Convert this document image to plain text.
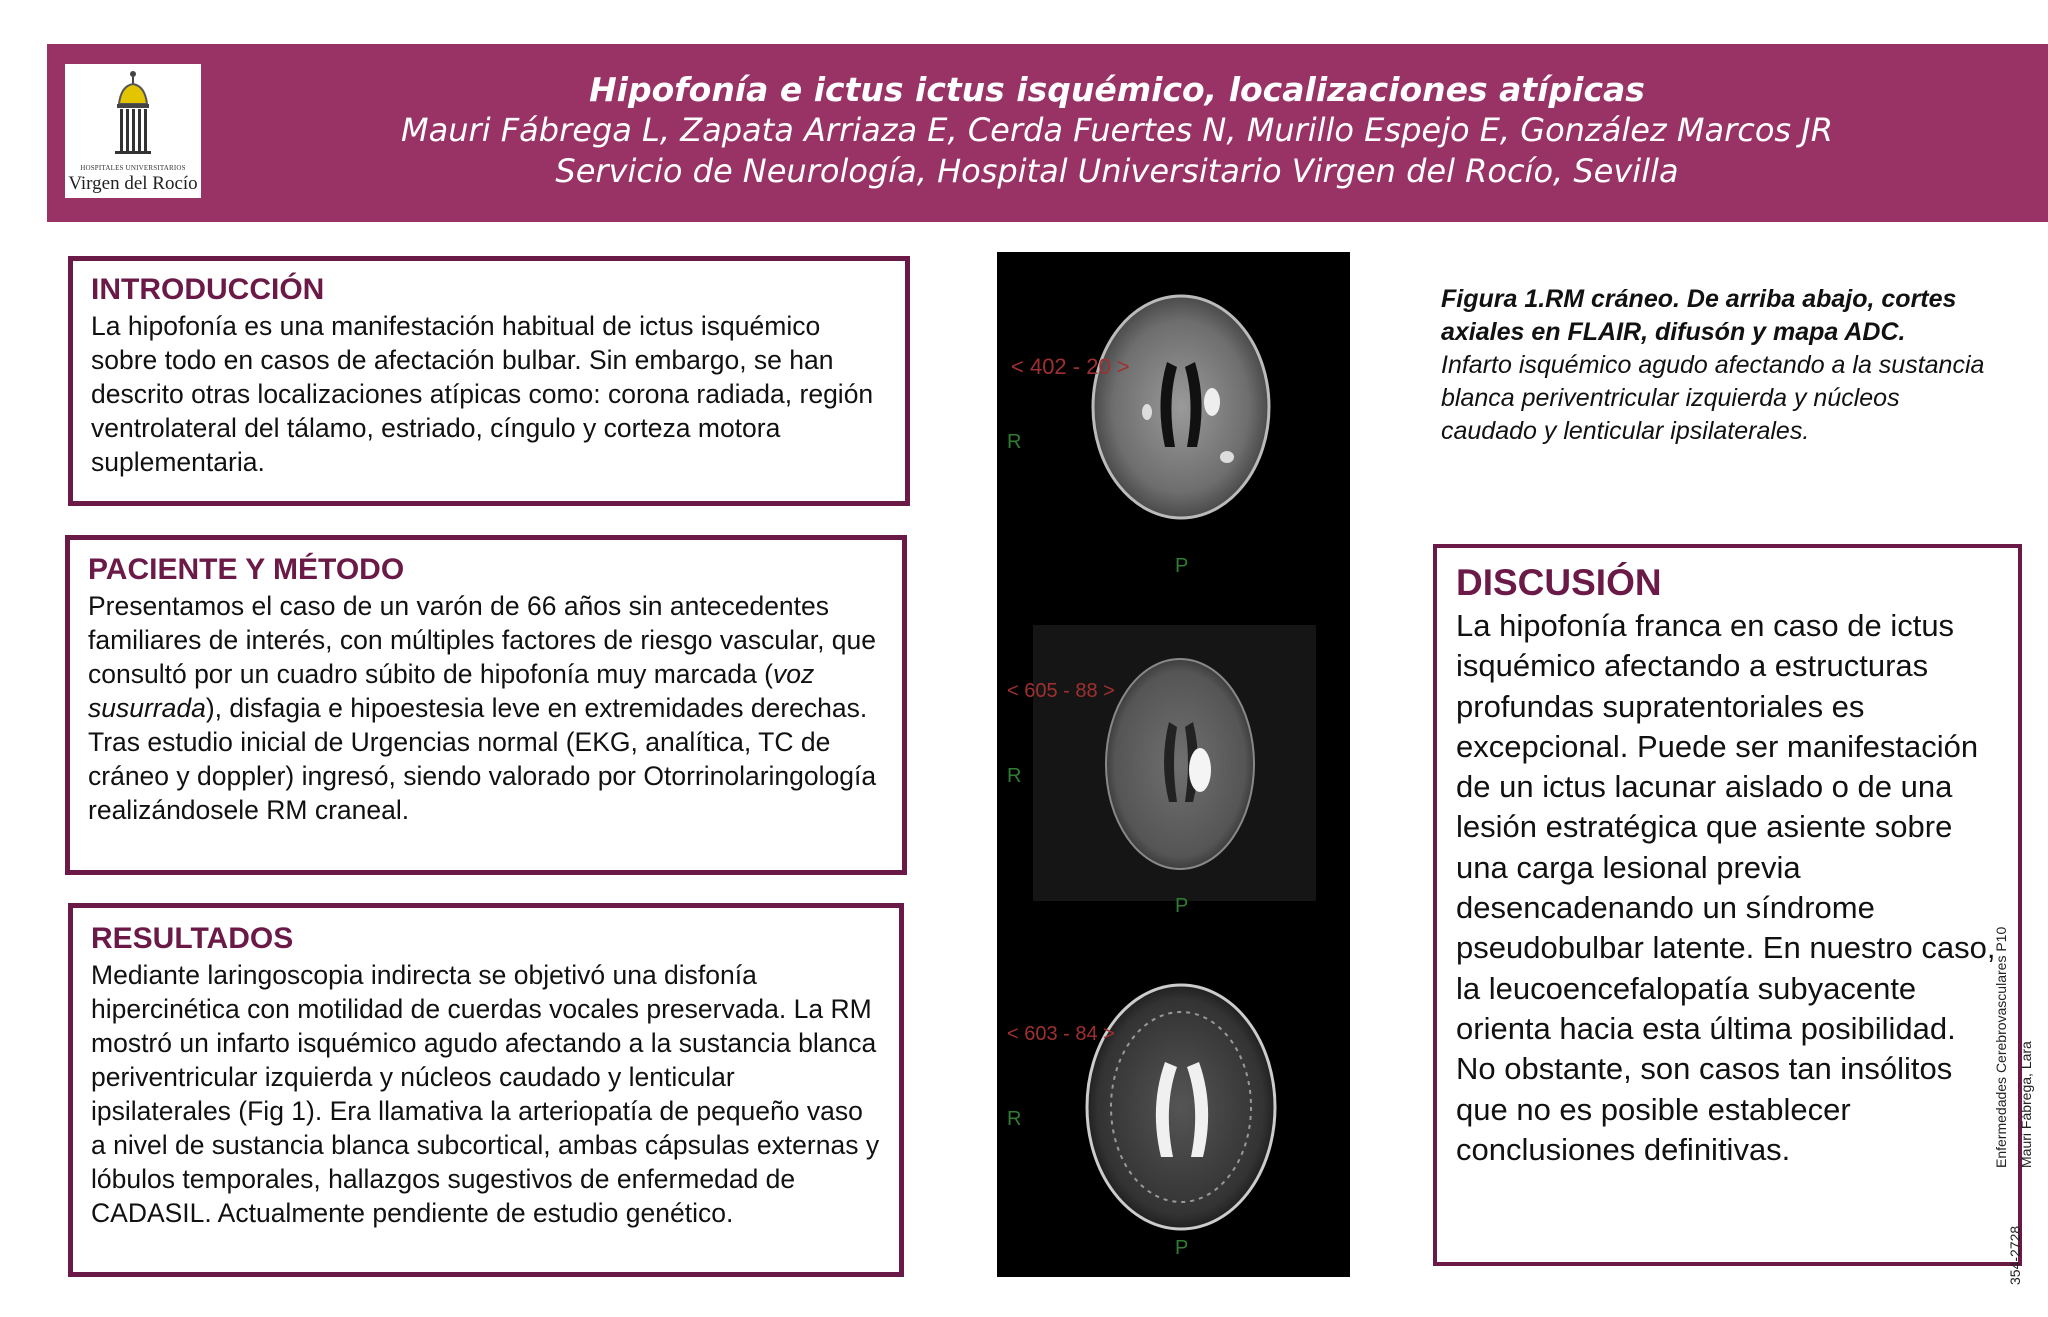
HOSPITALES UNIVERSITARIOS
Virgen del Rocío
Hipofonía e ictus ictus isquémico, localizaciones atípicas
Mauri Fábrega L, Zapata Arriaza E, Cerda Fuertes N, Murillo Espejo E, González Marcos JR
Servicio de Neurología, Hospital Universitario Virgen del Rocío, Sevilla
INTRODUCCIÓN

La hipofonía es una manifestación habitual de ictus isquémico sobre todo en casos de afectación bulbar. Sin embargo, se han descrito otras localizaciones atípicas como: corona radiada, región ventrolateral del tálamo, estriado, cíngulo y corteza motora suplementaria.

PACIENTE Y MÉTODO

Presentamos el caso de un varón de 66 años sin antecedentes familiares de interés, con múltiples factores de riesgo vascular, que consultó por un cuadro súbito de hipofonía muy marcada (voz susurrada), disfagia e hipoestesia leve en extremidades derechas. Tras estudio inicial de Urgencias normal (EKG, analítica, TC de cráneo y doppler) ingresó, siendo valorado por Otorrinolaringología realizándosele RM craneal.

RESULTADOS

Mediante laringoscopia indirecta se objetivó una disfonía hipercinética con motilidad de cuerdas vocales preservada. La RM mostró un infarto isquémico agudo afectando a la sustancia blanca periventricular izquierda y núcleos caudado y lenticular ipsilaterales (Fig 1). Era llamativa la arteriopatía de pequeño vaso a nivel de sustancia blanca subcortical, ambas cápsulas externas y lóbulos temporales, hallazgos sugestivos de enfermedad de CADASIL. Actualmente pendiente de estudio genético.

< 402 - 20 >
R
P
< 605 - 88 >
R
P
< 603 - 84 >
R
P
Figura 1.RM cráneo. De arriba abajo, cortes axiales en FLAIR, difusón y mapa ADC.
Infarto isquémico agudo afectando a la sustancia blanca periventricular izquierda y núcleos caudado y lenticular ipsilaterales.
DISCUSIÓN

La hipofonía franca en caso de ictus isquémico afectando a estructuras profundas supratentoriales es excepcional. Puede ser manifestación de un ictus lacunar aislado o de una lesión estratégica que asiente sobre una carga lesional previa desencadenando un síndrome pseudobulbar latente. En nuestro caso, la leucoencefalopatía subyacente orienta hacia esta última posibilidad. No obstante, son casos tan insólitos que no es posible establecer conclusiones definitivas.	Enfermedades Cerebrovasculares P10 Mauri Fábrega, Lara
354-2728
